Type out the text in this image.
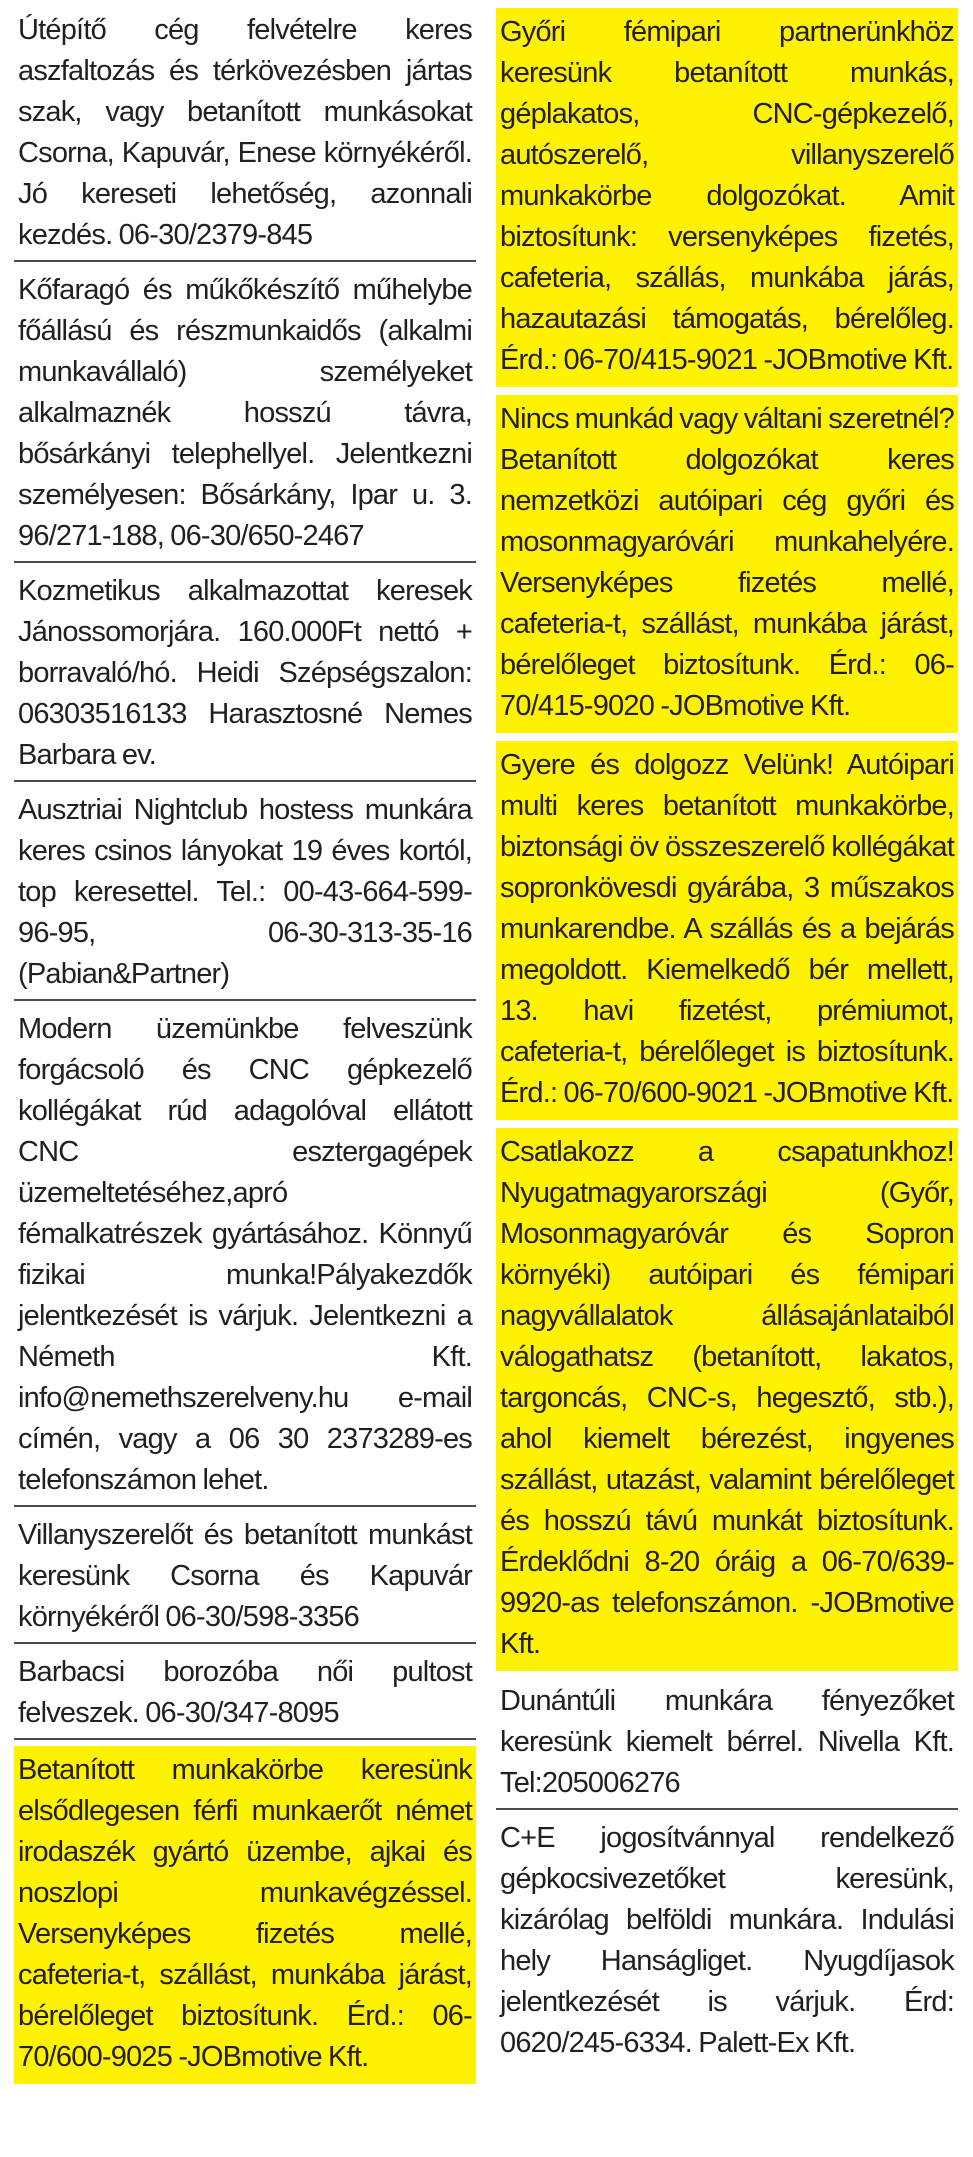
Útépítő cég felvételre keres aszfaltozás és térkövezésben jártas szak, vagy betanított munkásokat Csorna, Kapuvár, Enese környékéről. Jó kereseti lehetőség, azonnali kezdés. 06-30/2379-845
Kőfaragó és műkőkészítő műhelybe főállású és részmunkaidős (alkalmi munkavállaló) személyeket alkalmaznék hosszú távra, bősárkányi telephellyel. Jelentkezni személyesen: Bősárkány, Ipar u. 3. 96/271-188, 06-30/650-2467
Kozmetikus alkalmazottat keresek Jánossomorjára. 160.000Ft nettó + borravaló/hó. Heidi Szépségszalon: 06303516133 Harasztosné Nemes Barbara ev.
Ausztriai Nightclub hostess munkára keres csinos lányokat 19 éves kortól, top keresettel. Tel.: 00-43-664-599-96-95, 06-30-313-35-16 (Pabian&Partner)
Modern üzemünkbe felveszünk forgácsoló és CNC gépkezelő kollégákat rúd adagolóval ellátott CNC esztergagépek üzemeltetéséhez,apró fémalkatrészek gyártásához. Könnyű fizikai munka!Pályakezdők jelentkezését is várjuk. Jelentkezni a Németh Kft. info@nemethszerelveny.hu e-mail címén, vagy a 06 30 2373289-es telefonszámon lehet.
Villanyszerelőt és betanított munkást keresünk Csorna és Kapuvár környékéről 06-30/598-3356
Barbacsi borozóba női pultost felveszek. 06-30/347-8095
Betanított munkakörbe keresünk elsődlegesen férfi munkaerőt német irodaszék gyártó üzembe, ajkai és noszlopi munkavégzéssel. Versenyképes fizetés mellé, cafeteria-t, szállást, munkába járást, bérelőleget biztosítunk. Érd.: 06-70/600-9025 -JOBmotive Kft.
Győri fémipari partnerünkhöz keresünk betanított munkás, géplakatos, CNC-gépkezelő, autószerelő, villanyszerelő munkakörbe dolgozókat. Amit biztosítunk: versenyképes fizetés, cafeteria, szállás, munkába járás, hazautazási támogatás, bérelőleg. Érd.: 06-70/415-9021 -JOBmotive Kft.
Nincs munkád vagy váltani szeretnél? Betanított dolgozókat keres nemzetközi autóipari cég győri és mosonmagyaróvári munkahelyére. Versenyképes fizetés mellé, cafeteria-t, szállást, munkába járást, bérelőleget biztosítunk. Érd.: 06-70/415-9020 -JOBmotive Kft.
Gyere és dolgozz Velünk! Autóipari multi keres betanított munkakörbe, biztonsági öv összeszerelő kollégákat sopronkövesdi gyárába, 3 műszakos munkarendbe. A szállás és a bejárás megoldott. Kiemelkedő bér mellett, 13. havi fizetést, prémiumot, cafeteria-t, bérelőleget is biztosítunk. Érd.: 06-70/600-9021 -JOBmotive Kft.
Csatlakozz a csapatunkhoz! Nyugatmagyarországi (Győr, Mosonmagyaróvár és Sopron környéki) autóipari és fémipari nagyvállalatok állásajánlataiból válogathatsz (betanított, lakatos, targoncás, CNC-s, hegesztő, stb.), ahol kiemelt bérezést, ingyenes szállást, utazást, valamint bérelőleget és hosszú távú munkát biztosítunk. Érdeklődni 8-20 óráig a 06-70/639-9920-as telefonszámon. -JOBmotive Kft.
Dunántúli munkára fényezőket keresünk kiemelt bérrel. Nivella Kft. Tel:205006276
C+E jogosítvánnyal rendelkező gépkocsivezetőket keresünk, kizárólag belföldi munkára. Indulási hely Hanságliget. Nyugdíjasok jelentkezését is várjuk. Érd: 0620/245-6334. Palett-Ex Kft.
